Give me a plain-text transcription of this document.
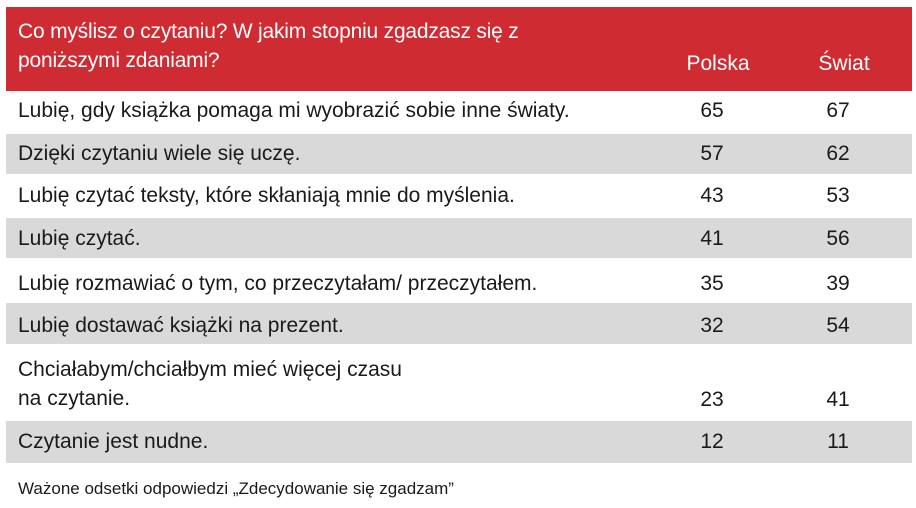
Co myślisz o czytaniu? W jakim stopniu zgadzasz się z
poniższymi zdaniami?	Polska	Świat
Lubię, gdy książka pomaga mi wyobrazić sobie inne światy.	65	67
Dzięki czytaniu wiele się uczę.	57	62
Lubię czytać teksty, które skłaniają mnie do myślenia.	43	53
Lubię czytać.	41	56
Lubię rozmawiać o tym, co przeczytałam/ przeczytałem.	35	39
Lubię dostawać książki na prezent.	32	54
Chciałabym/chciałbym mieć więcej czasu
na czytanie.	23	41
Czytanie jest nudne.	12	11
Ważone odsetki odpowiedzi „Zdecydowanie się zgadzam”
